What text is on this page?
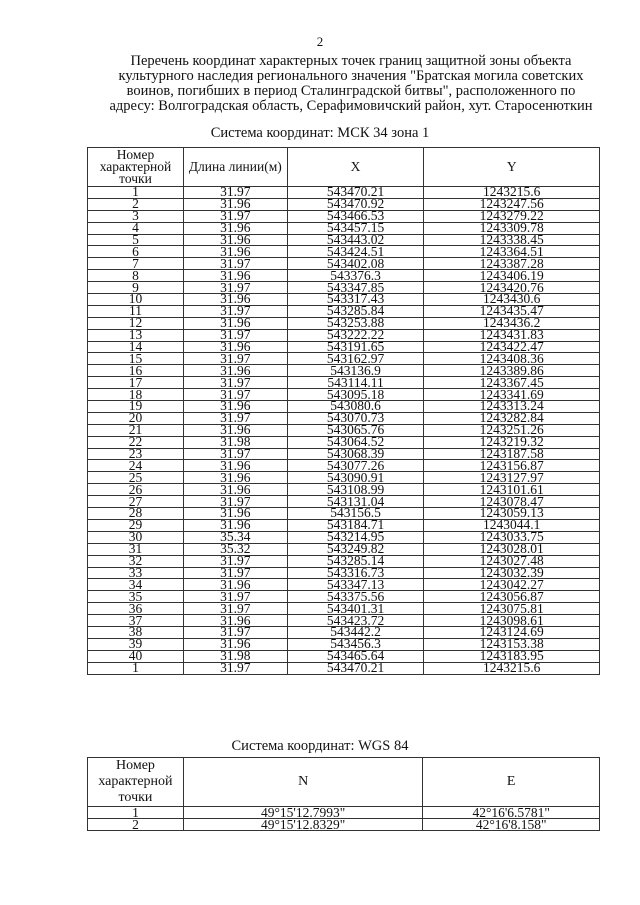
2
Перечень координат характерных точек границ защитной зоны объекта
культурного наследия регионального значения "Братская могила советских
воинов, погибших в период Сталинградской битвы", расположенного по
адресу: Волгоградская область, Серафимовичский район, хут. Старосенюткин
Система координат: МСК 34 зона 1
Номер характерной точки	Длина линии(м)	X	Y
1	31.97	543470.21	1243215.6
2	31.96	543470.92	1243247.56
3	31.97	543466.53	1243279.22
4	31.96	543457.15	1243309.78
5	31.96	543443.02	1243338.45
6	31.96	543424.51	1243364.51
7	31.97	543402.08	1243387.28
8	31.96	543376.3	1243406.19
9	31.97	543347.85	1243420.76
10	31.96	543317.43	1243430.6
11	31.97	543285.84	1243435.47
12	31.96	543253.88	1243436.2
13	31.97	543222.22	1243431.83
14	31.96	543191.65	1243422.47
15	31.97	543162.97	1243408.36
16	31.96	543136.9	1243389.86
17	31.97	543114.11	1243367.45
18	31.97	543095.18	1243341.69
19	31.96	543080.6	1243313.24
20	31.97	543070.73	1243282.84
21	31.96	543065.76	1243251.26
22	31.98	543064.52	1243219.32
23	31.97	543068.39	1243187.58
24	31.96	543077.26	1243156.87
25	31.96	543090.91	1243127.97
26	31.96	543108.99	1243101.61
27	31.97	543131.04	1243078.47
28	31.96	543156.5	1243059.13
29	31.96	543184.71	1243044.1
30	35.34	543214.95	1243033.75
31	35.32	543249.82	1243028.01
32	31.97	543285.14	1243027.48
33	31.97	543316.73	1243032.39
34	31.96	543347.13	1243042.27
35	31.97	543375.56	1243056.87
36	31.97	543401.31	1243075.81
37	31.96	543423.72	1243098.61
38	31.97	543442.2	1243124.69
39	31.96	543456.3	1243153.38
40	31.98	543465.64	1243183.95
1	31.97	543470.21	1243215.6
Система координат: WGS 84
Номер характерной точки	N	E
1	49°15'12.7993"	42°16'6.5781"
2	49°15'12.8329"	42°16'8.158"
